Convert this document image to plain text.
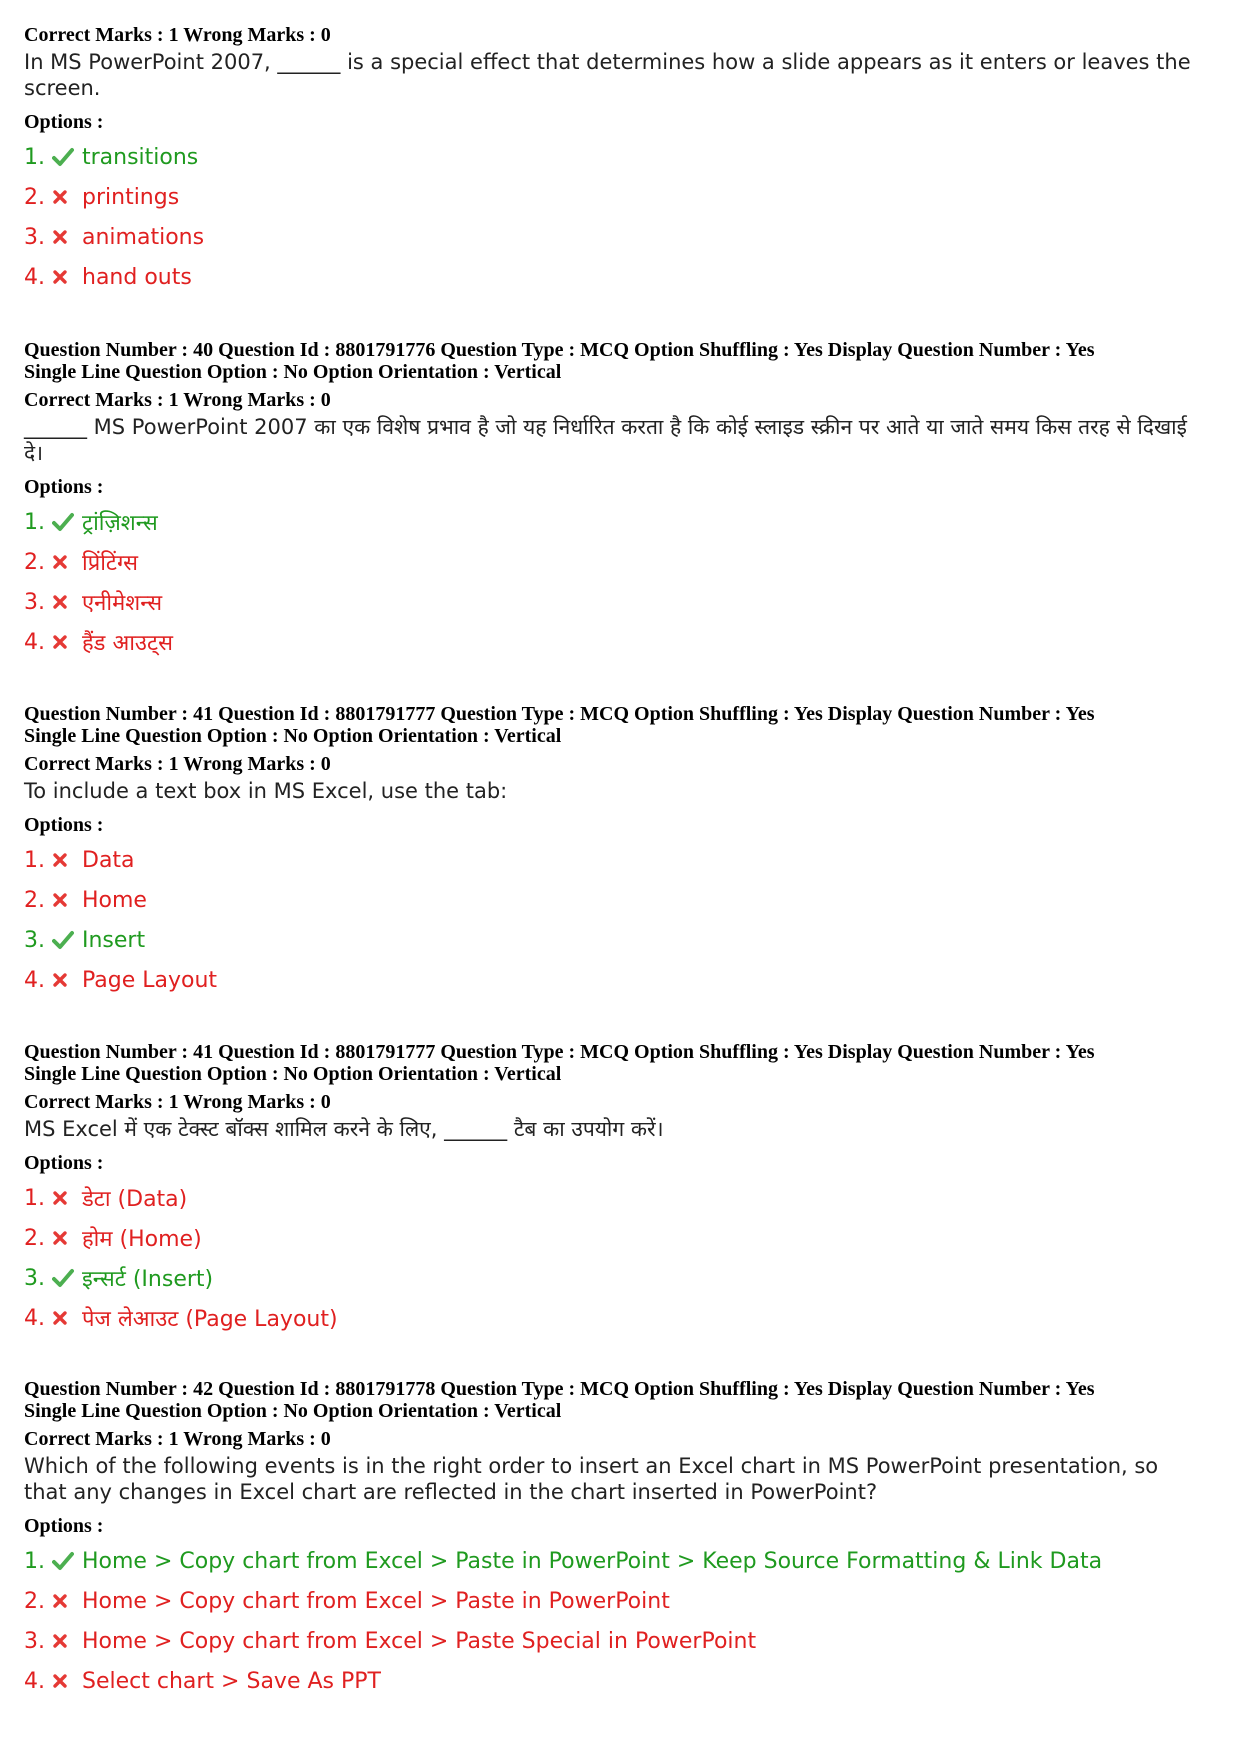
Correct Marks : 1 Wrong Marks : 0
In MS PowerPoint 2007, ______ is a special effect that determines how a slide appears as it enters or leaves the screen.
Options :
1.	transitions
2.	printings
3.	animations
4.	hand outs
Question Number : 40 Question Id : 8801791776 Question Type : MCQ Option Shuffling : Yes Display Question Number : Yes
Single Line Question Option : No Option Orientation : Vertical
Correct Marks : 1 Wrong Marks : 0
______ MS PowerPoint 2007 का एक विशेष प्रभाव है जो यह निर्धारित करता है कि कोई स्लाइड स्क्रीन पर आते या जाते समय किस तरह से दिखाई दे।
Options :
1.	ट्रांज़िशन्स
2.	प्रिंटिंग्स
3.	एनीमेशन्स
4.	हैंड आउट्स
Question Number : 41 Question Id : 8801791777 Question Type : MCQ Option Shuffling : Yes Display Question Number : Yes
Single Line Question Option : No Option Orientation : Vertical
Correct Marks : 1 Wrong Marks : 0
To include a text box in MS Excel, use the tab:
Options :
1.	Data
2.	Home
3.	Insert
4.	Page Layout
Question Number : 41 Question Id : 8801791777 Question Type : MCQ Option Shuffling : Yes Display Question Number : Yes
Single Line Question Option : No Option Orientation : Vertical
Correct Marks : 1 Wrong Marks : 0
MS Excel में एक टेक्स्ट बॉक्स शामिल करने के लिए, ______ टैब का उपयोग करें।
Options :
1.	डेटा (Data)
2.	होम (Home)
3.	इन्सर्ट (Insert)
4.	पेज लेआउट (Page Layout)
Question Number : 42 Question Id : 8801791778 Question Type : MCQ Option Shuffling : Yes Display Question Number : Yes
Single Line Question Option : No Option Orientation : Vertical
Correct Marks : 1 Wrong Marks : 0
Which of the following events is in the right order to insert an Excel chart in MS PowerPoint presentation, so that any changes in Excel chart are reflected in the chart inserted in PowerPoint?
Options :
1.	Home > Copy chart from Excel > Paste in PowerPoint > Keep Source Formatting & Link Data
2.	Home > Copy chart from Excel > Paste in PowerPoint
3.	Home > Copy chart from Excel > Paste Special in PowerPoint
4.	Select chart > Save As PPT
